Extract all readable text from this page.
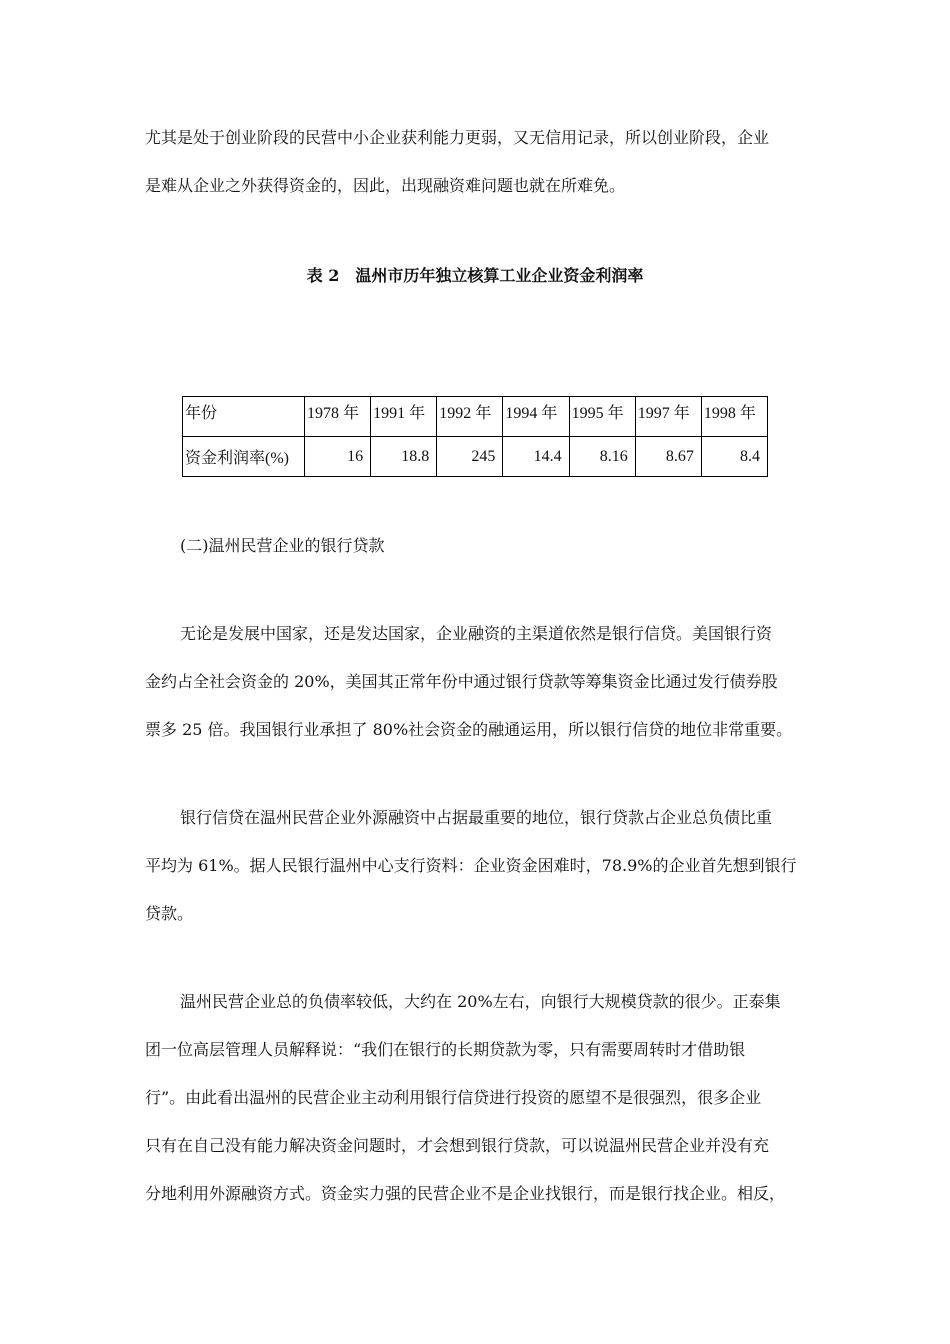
尤其是处于创业阶段的民营中小企业获利能力更弱，又无信用记录，所以创业阶段，企业
是难从企业之外获得资金的，因此，出现融资难问题也就在所难免。
表 2　温州市历年独立核算工业企业资金利润率
年份	1978 年	1991 年	1992 年	1994 年	1995 年	1997 年	1998 年
资金利润率(%)	16	18.8	245	14.4	8.16	8.67	8.4
(二)温州民营企业的银行贷款
无论是发展中国家，还是发达国家，企业融资的主渠道依然是银行信贷。美国银行资
金约占全社会资金的 20%，美国其正常年份中通过银行贷款等筹集资金比通过发行债券股
票多 25 倍。我国银行业承担了 80%社会资金的融通运用，所以银行信贷的地位非常重要。
银行信贷在温州民营企业外源融资中占据最重要的地位，银行贷款占企业总负债比重
平均为 61%。据人民银行温州中心支行资料：企业资金困难时，78.9%的企业首先想到银行
贷款。
温州民营企业总的负债率较低，大约在 20%左右，向银行大规模贷款的很少。正泰集
团一位高层管理人员解释说：“我们在银行的长期贷款为零，只有需要周转时才借助银
行”。由此看出温州的民营企业主动利用银行信贷进行投资的愿望不是很强烈，很多企业
只有在自己没有能力解决资金问题时，才会想到银行贷款，可以说温州民营企业并没有充
分地利用外源融资方式。资金实力强的民营企业不是企业找银行，而是银行找企业。相反，
